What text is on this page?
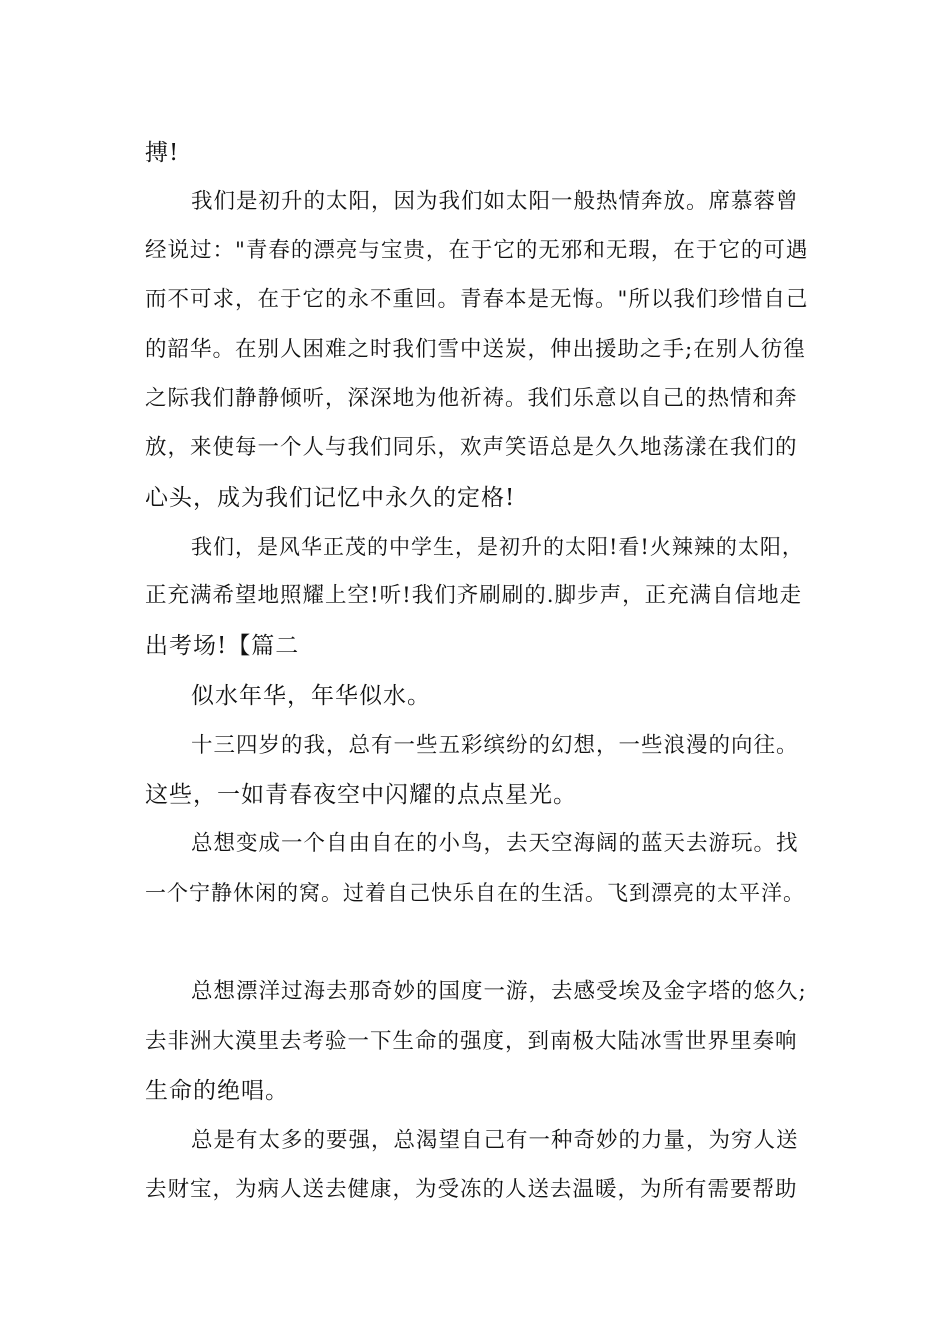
搏!
我们是初升的太阳，因为我们如太阳一般热情奔放。席慕蓉曾
经说过："青春的漂亮与宝贵，在于它的无邪和无瑕，在于它的可遇
而不可求，在于它的永不重回。青春本是无悔。"所以我们珍惜自己
的韶华。在别人困难之时我们雪中送炭，伸出援助之手;在别人彷徨
之际我们静静倾听，深深地为他祈祷。我们乐意以自己的热情和奔
放，来使每一个人与我们同乐，欢声笑语总是久久地荡漾在我们的
心头，成为我们记忆中永久的定格!
我们，是风华正茂的中学生，是初升的太阳!看!火辣辣的太阳，
正充满希望地照耀上空!听!我们齐刷刷的.脚步声，正充满自信地走
出考场!【篇二
似水年华，年华似水。
十三四岁的我，总有一些五彩缤纷的幻想，一些浪漫的向往。
这些，一如青春夜空中闪耀的点点星光。
总想变成一个自由自在的小鸟，去天空海阔的蓝天去游玩。找
一个宁静休闲的窝。过着自己快乐自在的生活。飞到漂亮的太平洋。
总想漂洋过海去那奇妙的国度一游，去感受埃及金字塔的悠久;
去非洲大漠里去考验一下生命的强度，到南极大陆冰雪世界里奏响
生命的绝唱。
总是有太多的要强，总渴望自己有一种奇妙的力量，为穷人送
去财宝，为病人送去健康，为受冻的人送去温暖，为所有需要帮助
